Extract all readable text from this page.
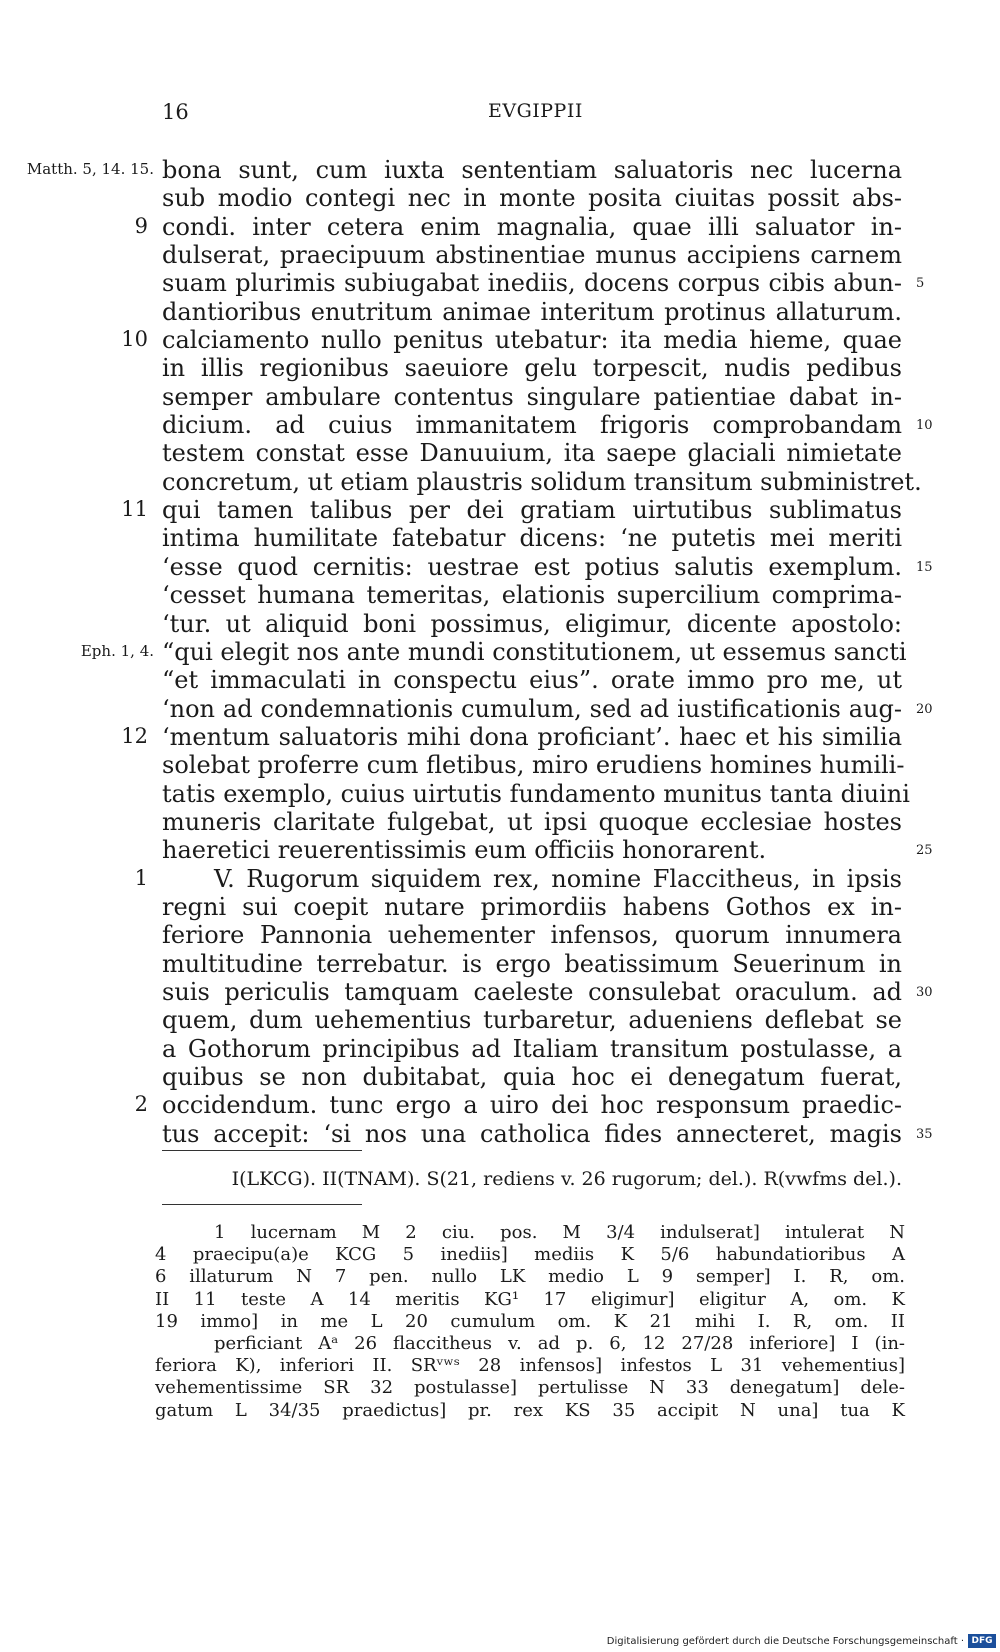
16	EVGIPPII
Matth. 5, 14. 15. bona sunt, cum iuxta sententiam saluatoris nec lucerna
sub modio contegi nec in monte posita ciuitas possit abs-
9 condi. inter cetera enim magnalia, quae illi saluator in-
dulserat, praecipuum abstinentiae munus accipiens carnem
suam plurimis subiugabat inediis, docens corpus cibis abun- 5
dantioribus enutritum animae interitum protinus allaturum.
10 calciamento nullo penitus utebatur: ita media hieme, quae
in illis regionibus saeuiore gelu torpescit, nudis pedibus
semper ambulare contentus singulare patientiae dabat in-
dicium. ad cuius immanitatem frigoris comprobandam 10
testem constat esse Danuuium, ita saepe glaciali nimietate
concretum, ut etiam plaustris solidum transitum subministret.
11 qui tamen talibus per dei gratiam uirtutibus sublimatus
intima humilitate fatebatur dicens: ‘ne putetis mei meriti
‘esse quod cernitis: uestrae est potius salutis exemplum. 15
‘cesset humana temeritas, elationis supercilium comprima-
‘tur. ut aliquid boni possimus, eligimur, dicente apostolo:
Eph. 1, 4. “qui elegit nos ante mundi constitutionem, ut essemus sancti
“et immaculati in conspectu eius”. orate immo pro me, ut
‘non ad condemnationis cumulum, sed ad iustificationis aug- 20
12 ‘mentum saluatoris mihi dona proficiant’. haec et his similia
solebat proferre cum fletibus, miro erudiens homines humili-
tatis exemplo, cuius uirtutis fundamento munitus tanta diuini
muneris claritate fulgebat, ut ipsi quoque ecclesiae hostes
haeretici reuerentissimis eum officiis honorarent.	25
1	V. Rugorum siquidem rex, nomine Flaccitheus, in ipsis
regni sui coepit nutare primordiis habens Gothos ex in-
feriore Pannonia uehementer infensos, quorum innumera
multitudine terrebatur. is ergo beatissimum Seuerinum in
suis periculis tamquam caeleste consulebat oraculum. ad 30
quem, dum uehementius turbaretur, adueniens deflebat se
a Gothorum principibus ad Italiam transitum postulasse, a
quibus se non dubitabat, quia hoc ei denegatum fuerat,
2 occidendum. tunc ergo a uiro dei hoc responsum praedic-
tus accepit: ‘si nos una catholica fides annecteret, magis 35
I(LKCG). II(TNAM). S(21, rediens v. 26 rugorum; del.). R(vwfms del.).
1 lucernam M 2 ciu. pos. M 3/4 indulserat] intulerat N
4 praecipu(a)e KCG 5 inediis] mediis K 5/6 habundatioribus A
6 illaturum N 7 pen. nullo LK medio L 9 semper] I. R, om.
II 11 teste A 14 meritis KG¹ 17 eligimur] eligitur A, om. K
19 immo] in me L 20 cumulum om. K 21 mihi I. R, om. II
perficiant Aᵃ 26 flaccitheus v. ad p. 6, 12 27/28 inferiore] I (in-
feriora K), inferiori II. SRᵛʷˢ 28 infensos] infestos L 31 vehementius]
vehementissime SR 32 postulasse] pertulisse N 33 denegatum] dele-
gatum L 34/35 praedictus] pr. rex KS 35 accipit N una] tua K
Digitalisierung gefördert durch die Deutsche Forschungsgemeinschaft · DFG
